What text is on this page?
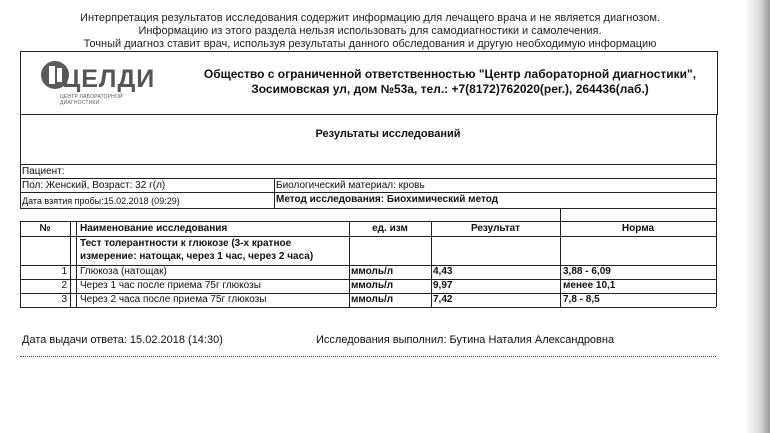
Интерпретация результатов исследования содержит информацию для лечащего врача и не является диагнозом.
Информацию из этого раздела нельзя использовать для самодиагностики и самолечения.
Точный диагноз ставит врач, используя результаты данного обследования и другую необходимую информацию
ЦЕЛДИ
ЦЕНТР ЛАБОРАТОРНОЙ ДИАГНОСТИКИ
Общество с ограниченной ответственностью "Центр лабораторной диагностики",
Зосимовская ул, дом №53а, тел.: +7(8172)762020(рег.), 264436(лаб.)
Результаты исследований
Пациент:
Пол: Женский, Возраст: 32 г(л)	Биологический материал: кровь
Дата взятия пробы:15.02.2018 (09:29)	Метод исследования: Биохимический метод
№	Наименование исследования	ед. изм	Результат	Норма
Тест толерантности к глюкозе (3-х кратное
измерение: натощак, через 1 час, через 2 часа)
1 Глюкоза (натощак)	ммоль/л	4,43	3,88 - 6,09
2 Через 1 час после приема 75г глюкозы	ммоль/л	9,97	менее 10,1
3 Через 2 часа после приема 75г глюкозы	ммоль/л	7,42	7,8 - 8,5
Дата выдачи ответа: 15.02.2018 (14:30)	Исследования выполнил: Бутина Наталия Александровна
